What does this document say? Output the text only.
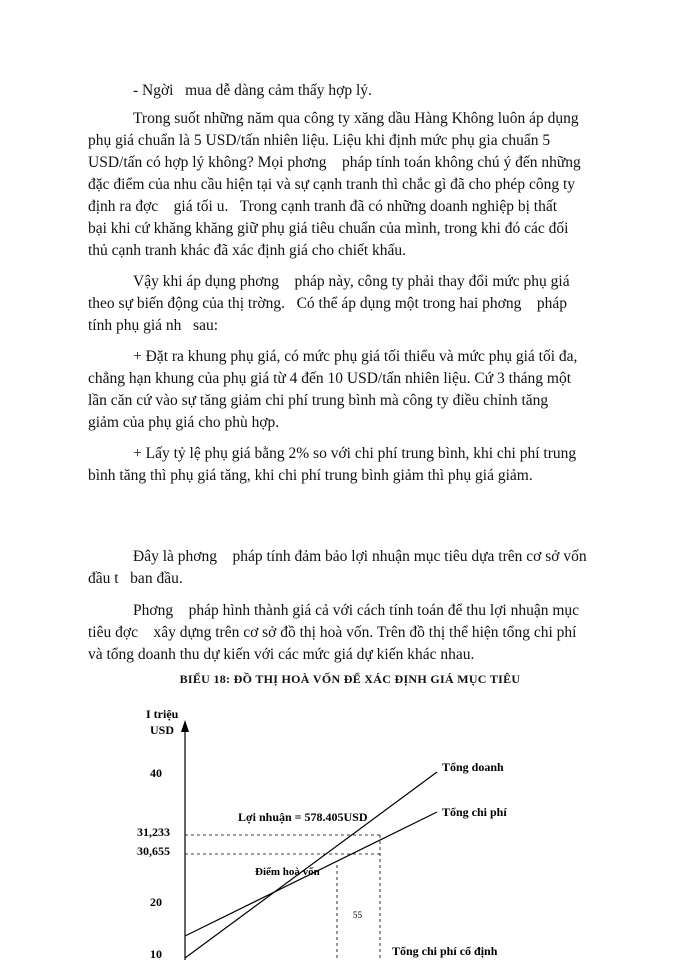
- Ngời   mua dễ dàng cảm thấy hợp lý.
Trong suốt những năm qua công ty xăng dầu Hàng Không luôn áp dụng
phụ giá chuẩn là 5 USD/tấn nhiên liệu. Liệu khi định mức phụ gia chuẩn 5
USD/tấn có hợp lý không? Mọi phơng    pháp tính toán không chú ý đến những
đặc điểm của nhu cầu hiện tại và sự cạnh tranh thì chắc gì đã cho phép công ty
định ra đợc    giá tối u.   Trong cạnh tranh đã có những doanh nghiệp bị thất
bại khi cứ khăng khăng giữ phụ giá tiêu chuẩn của mình, trong khi đó các đối
thủ cạnh tranh khác đã xác định giá cho chiết khấu.
Vậy khi áp dụng phơng    pháp này, công ty phải thay đổi mức phụ giá
theo sự biến động của thị trờng.   Có thể áp dụng một trong hai phơng    pháp
tính phụ giá nh   sau:
+ Đặt ra khung phụ giá, có mức phụ giá tối thiểu và mức phụ giá tối đa,
chẳng hạn khung của phụ giá từ 4 đến 10 USD/tấn nhiên liệu. Cứ 3 tháng một
lần căn cứ vào sự tăng giảm chi phí trung bình mà công ty điều chỉnh tăng
giảm của phụ giá cho phù hợp.
+ Lấy tỷ lệ phụ giá bằng 2% so với chi phí trung bình, khi chi phí trung
bình tăng thì phụ giá tăng, khi chi phí trung bình giảm thì phụ giá giảm.
Đây là phơng    pháp tính đảm bảo lợi nhuận mục tiêu dựa trên cơ sở vốn
đầu t   ban đầu.
Phơng    pháp hình thành giá cả với cách tính toán để thu lợi nhuận mục
tiêu đợc    xây dựng trên cơ sở đồ thị hoà vốn. Trên đồ thị thể hiện tổng chi phí
và tổng doanh thu dự kiến với các mức giá dự kiến khác nhau.
BIỂU 18: ĐỒ THỊ HOÀ VỐN ĐỂ XÁC ĐỊNH GIÁ MỤC TIÊU
I triệu
USD
40
31,233
30,655
20
10
Tổng doanh
Tổng chi phí
Lợi nhuận = 578.405USD
Điểm hoà vốn
55
Tổng chi phí cố định
